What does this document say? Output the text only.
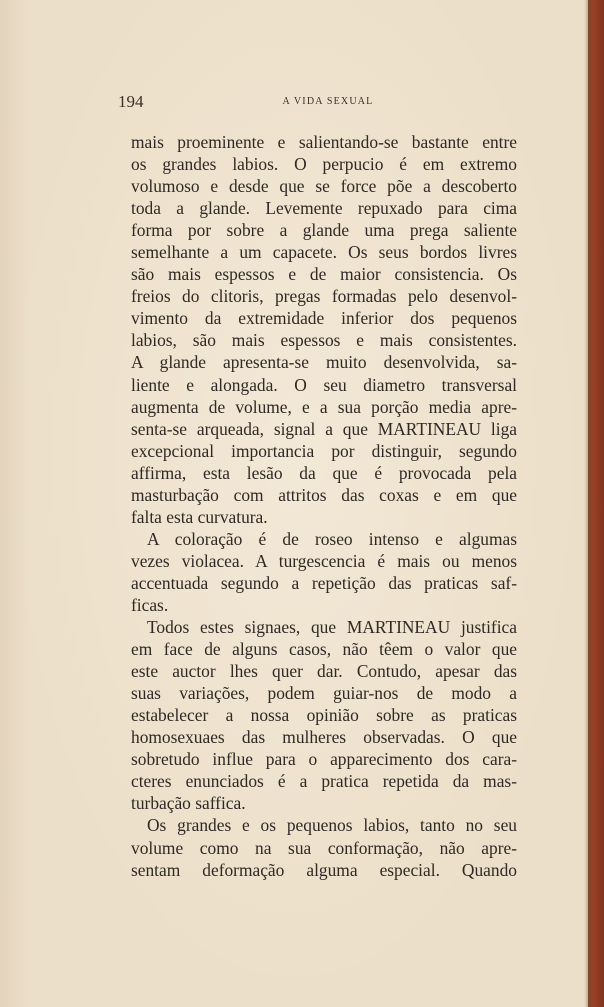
194	A VIDA SEXUAL
mais proeminente e salientando-se bastante entre
os grandes labios. O perpucio é em extremo
volumoso e desde que se force põe a descoberto
toda a glande. Levemente repuxado para cima
forma por sobre a glande uma prega saliente
semelhante a um capacete. Os seus bordos livres
são mais espessos e de maior consistencia. Os
freios do clitoris, pregas formadas pelo desenvol-
vimento da extremidade inferior dos pequenos
labios, são mais espessos e mais consistentes.
A glande apresenta-se muito desenvolvida, sa-
liente e alongada. O seu diametro transversal
augmenta de volume, e a sua porção media apre-
senta-se arqueada, signal a que MARTINEAU liga
excepcional importancia por distinguir, segundo
affirma, esta lesão da que é provocada pela
masturbação com attritos das coxas e em que
falta esta curvatura.
A coloração é de roseo intenso e algumas
vezes violacea. A turgescencia é mais ou menos
accentuada segundo a repetição das praticas saf-
ficas.
Todos estes signaes, que MARTINEAU justifica
em face de alguns casos, não têem o valor que
este auctor lhes quer dar. Contudo, apesar das
suas variações, podem guiar-nos de modo a
estabelecer a nossa opinião sobre as praticas
homosexuaes das mulheres observadas. O que
sobretudo influe para o apparecimento dos cara-
cteres enunciados é a pratica repetida da mas-
turbação saffica.
Os grandes e os pequenos labios, tanto no seu
volume como na sua conformação, não apre-
sentam deformação alguma especial. Quando
